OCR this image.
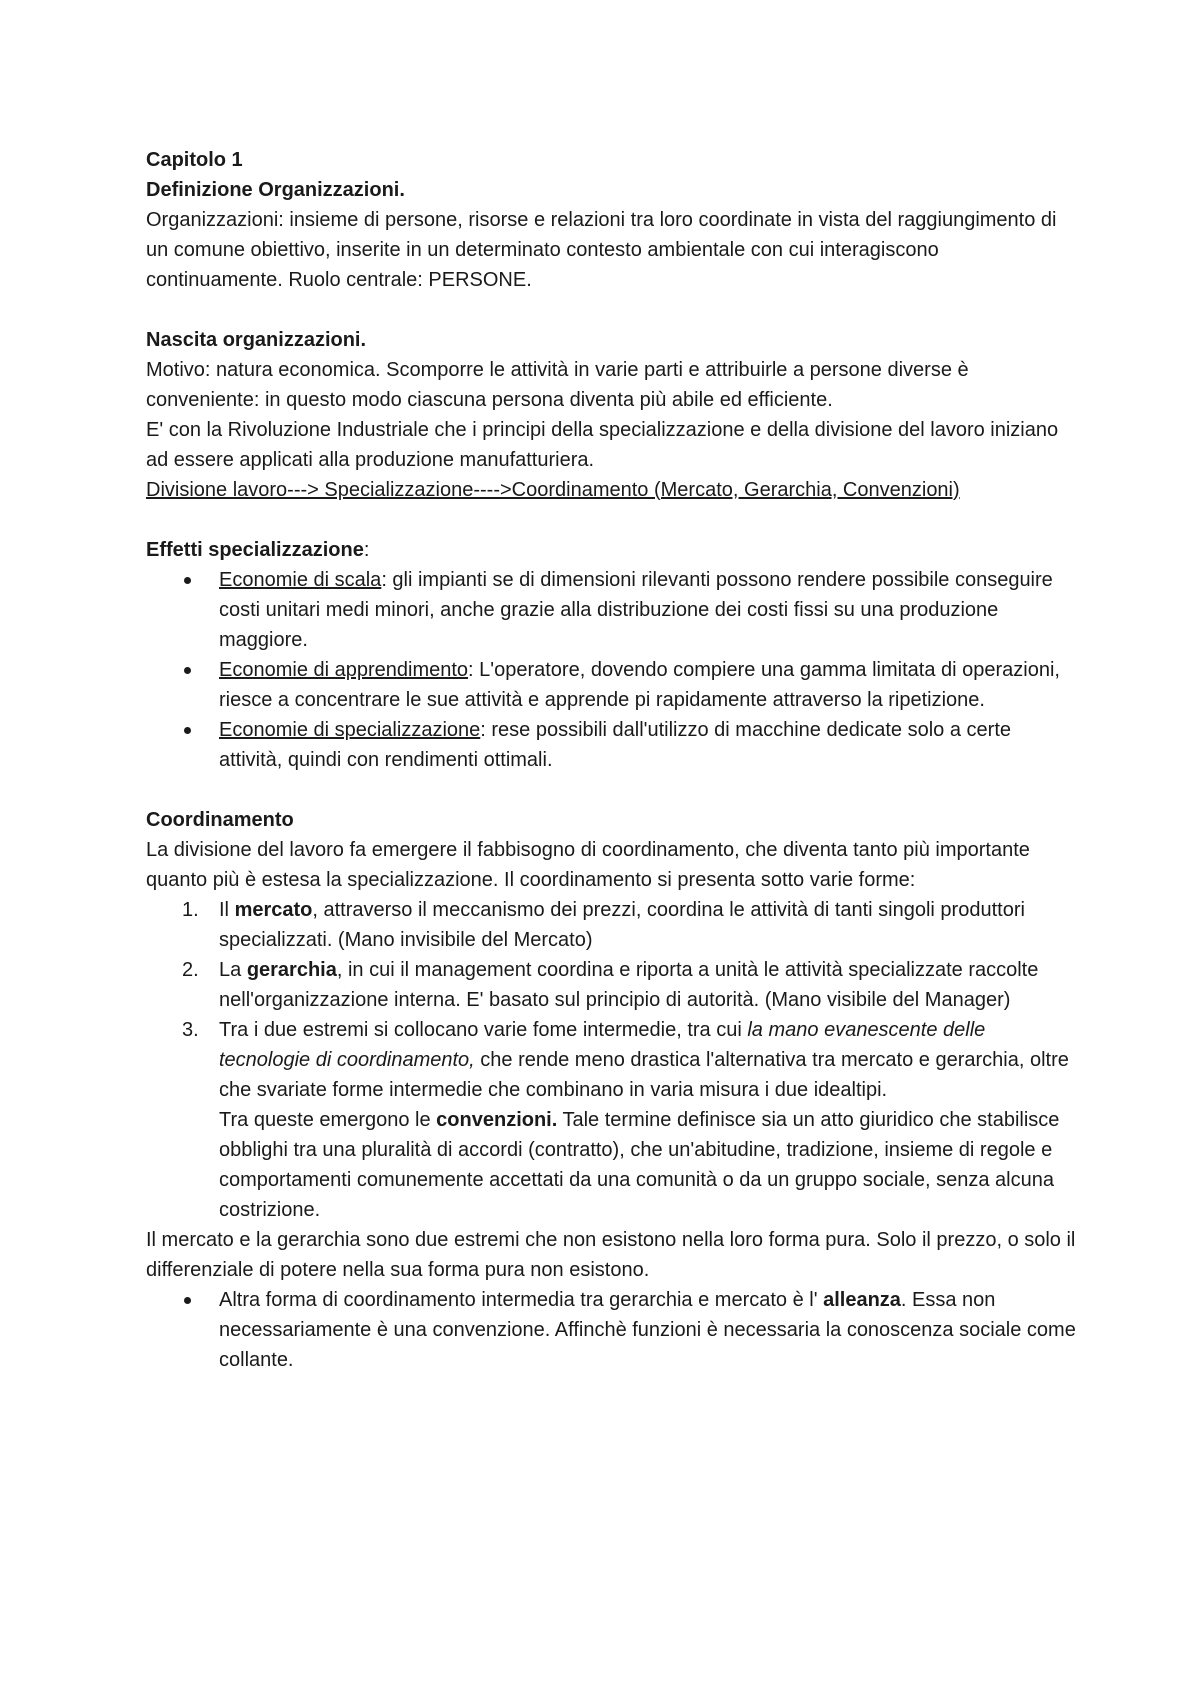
Capitolo 1
Definizione Organizzazioni.

Organizzazioni: insieme di persone, risorse e relazioni tra loro coordinate in vista del raggiungimento di un comune obiettivo, inserite in un determinato contesto ambientale con cui interagiscono continuamente. Ruolo centrale: PERSONE.

Nascita organizzazioni.

Motivo: natura economica. Scomporre le attività in varie parti e attribuirle a persone diverse è conveniente: in questo modo ciascuna persona diventa più abile ed efficiente.

E' con la Rivoluzione Industriale che i principi della specializzazione e della divisione del lavoro iniziano ad essere applicati alla produzione manufatturiera.

Divisione lavoro---> Specializzazione---->Coordinamento (Mercato, Gerarchia, Convenzioni)

Effetti specializzazione:
Economie di scala: gli impianti se di dimensioni rilevanti possono rendere possibile conseguire costi unitari medi minori, anche grazie alla distribuzione dei costi fissi su una produzione maggiore.
Economie di apprendimento: L'operatore, dovendo compiere una gamma limitata di operazioni, riesce a concentrare le sue attività e apprende pi rapidamente attraverso la ripetizione.
Economie di specializzazione: rese possibili dall'utilizzo di macchine dedicate solo a certe attività, quindi con rendimenti ottimali.
Coordinamento

La divisione del lavoro fa emergere il fabbisogno di coordinamento, che diventa tanto più importante quanto più è estesa la specializzazione. Il coordinamento si presenta sotto varie forme:

1. Il mercato, attraverso il meccanismo dei prezzi, coordina le attività di tanti singoli produttori specializzati. (Mano invisibile del Mercato)
2. La gerarchia, in cui il management coordina e riporta a unità le attività specializzate raccolte nell'organizzazione interna. E' basato sul principio di autorità. (Mano visibile del Manager)
3. Tra i due estremi si collocano varie fome intermedie, tra cui la mano evanescente delle tecnologie di coordinamento, che rende meno drastica l'alternativa tra mercato e gerarchia, oltre che svariate forme intermedie che combinano in varia misura i due idealtipi.
Tra queste emergono le convenzioni. Tale termine definisce sia un atto giuridico che stabilisce obblighi tra una pluralità di accordi (contratto), che un'abitudine, tradizione, insieme di regole e comportamenti comunemente accettati da una comunità o da un gruppo sociale, senza alcuna costrizione.

Il mercato e la gerarchia sono due estremi che non esistono nella loro forma pura. Solo il prezzo, o solo il differenziale di potere nella sua forma pura non esistono.

Altra forma di coordinamento intermedia tra gerarchia e mercato è l' alleanza. Essa non necessariamente è una convenzione. Affinchè funzioni è necessaria la conoscenza sociale come collante.
